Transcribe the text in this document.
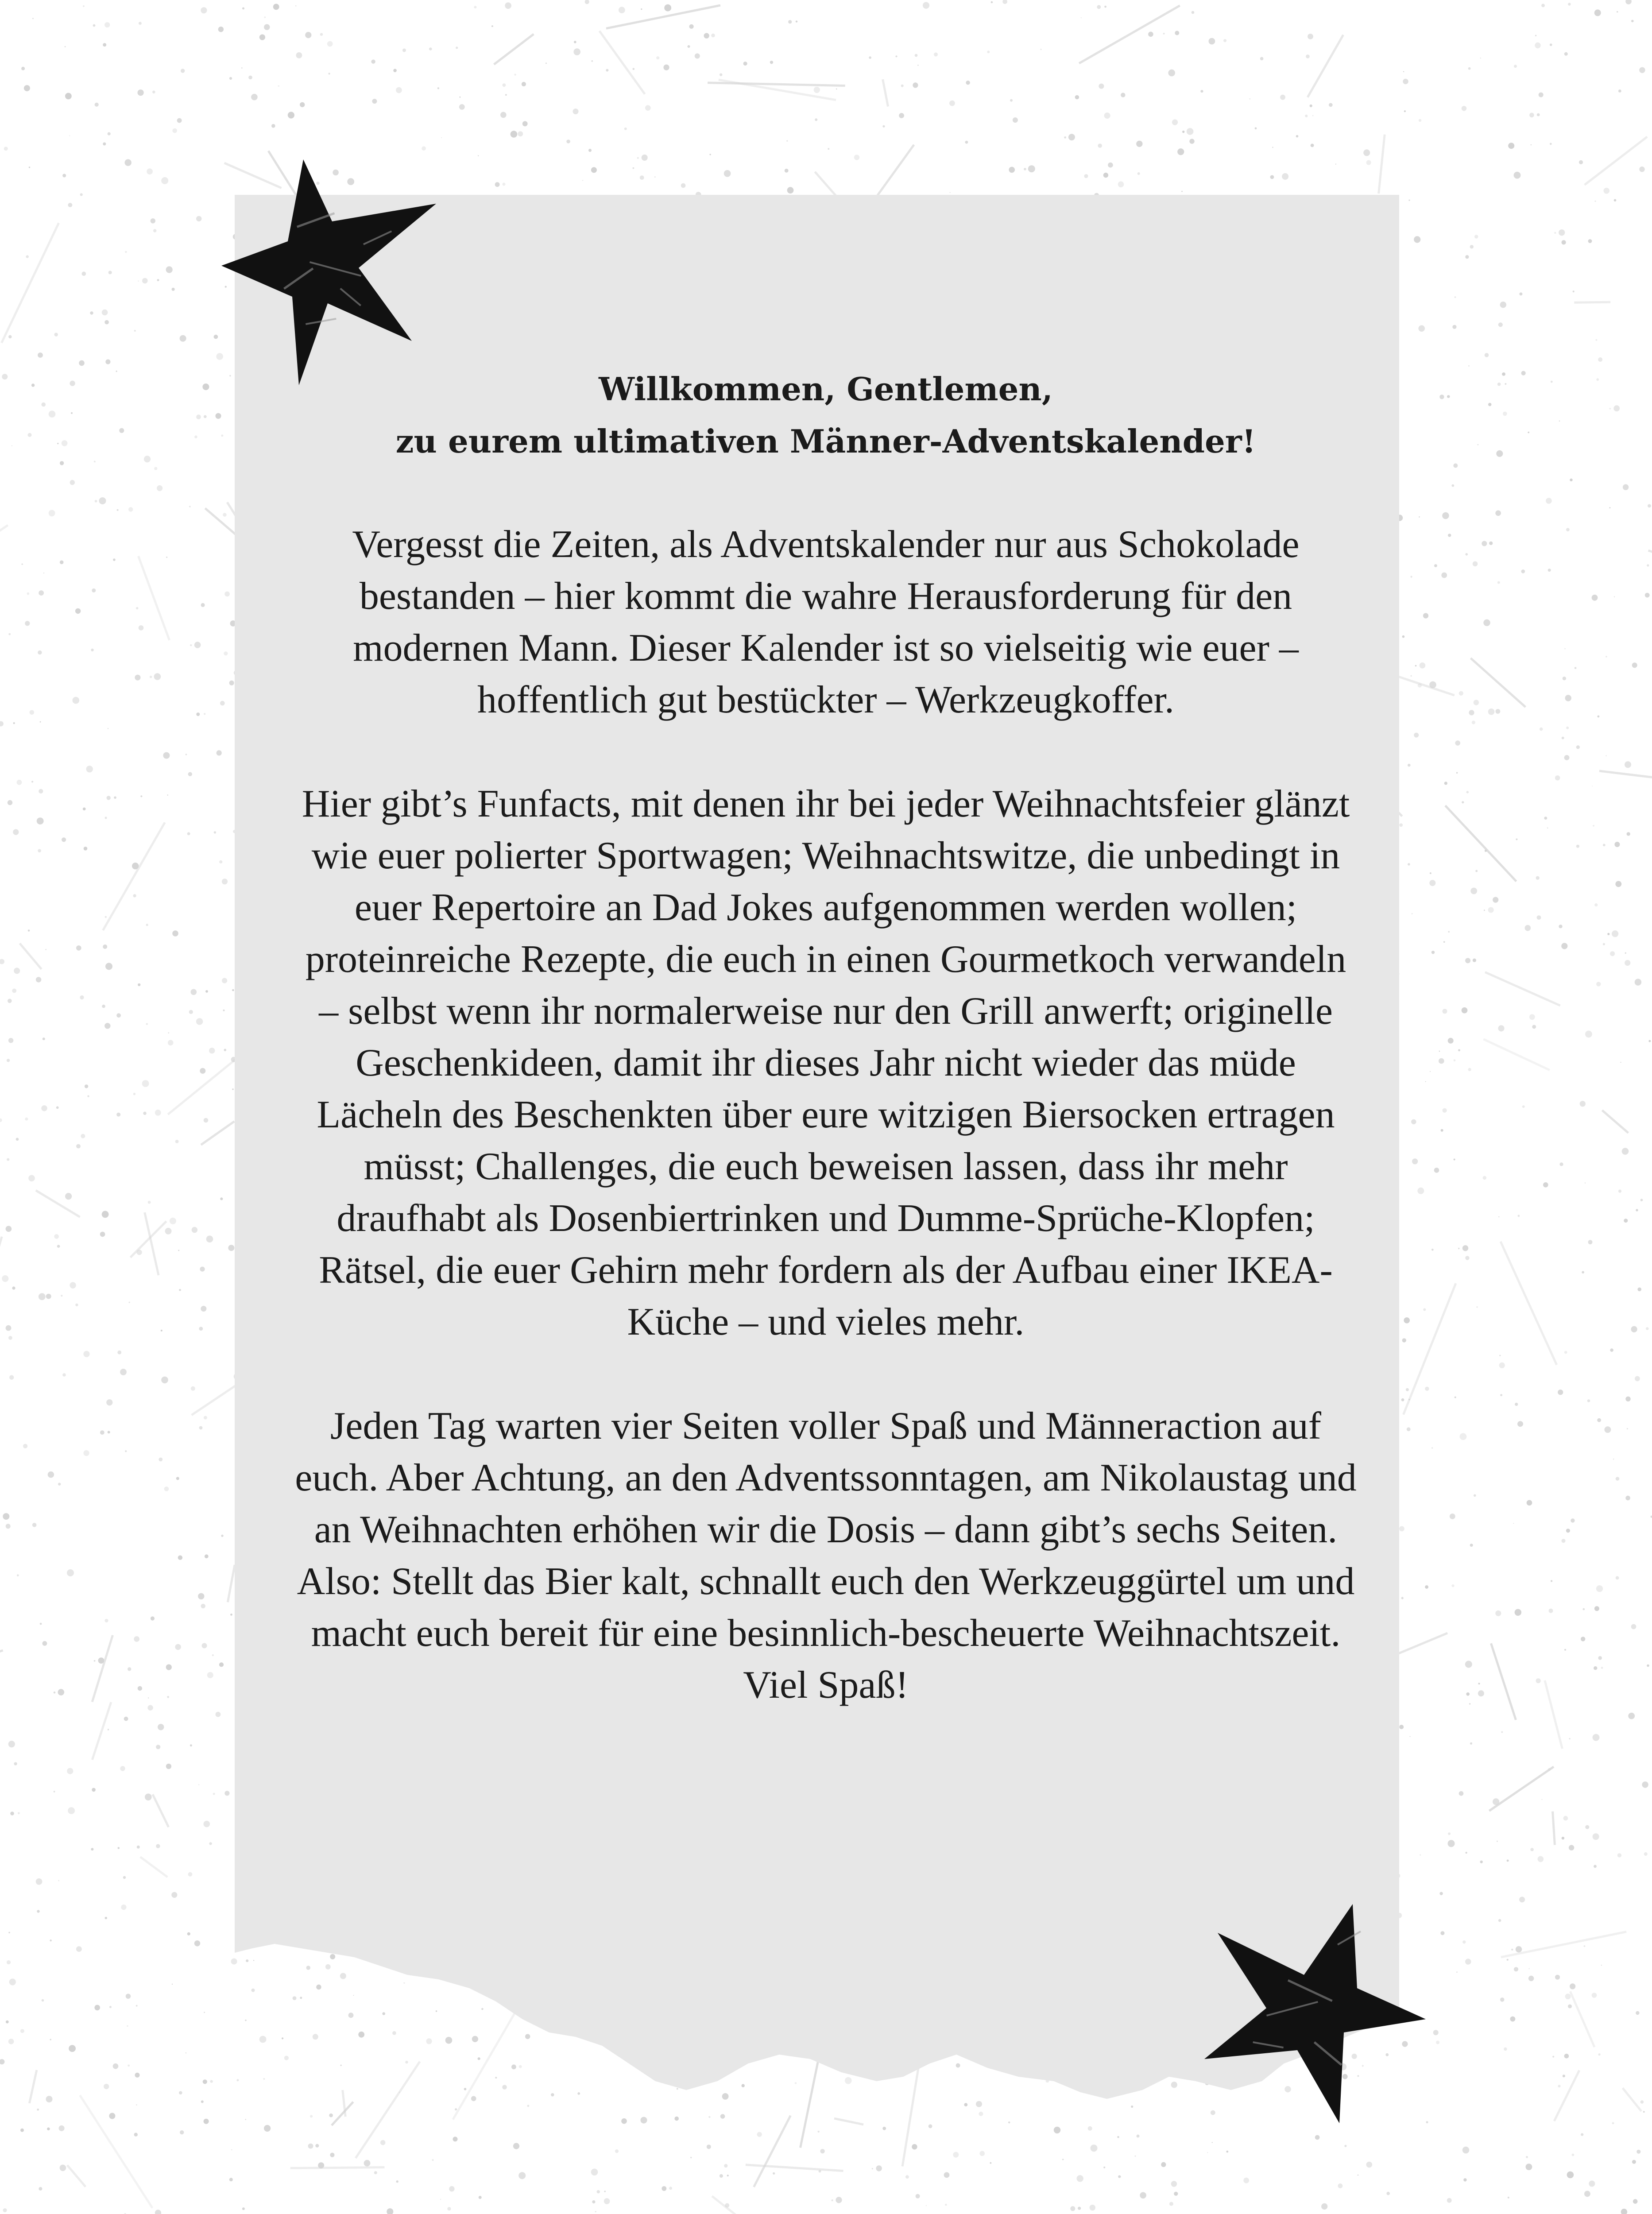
Willkommen, Gentlemen,
zu eurem ultimativen Männer-Adventskalender!

Vergesst die Zeiten, als Adventskalender nur aus Schokolade bestanden – hier kommt die wahre Herausforderung für den modernen Mann. Dieser Kalender ist so vielseitig wie euer – hoffentlich gut bestückter – Werkzeugkoffer.

Hier gibt’s Funfacts, mit denen ihr bei jeder Weihnachtsfeier glänzt wie euer polierter Sportwagen; Weihnachtswitze, die unbedingt in euer Repertoire an Dad Jokes aufgenommen werden wollen; proteinreiche Rezepte, die euch in einen Gourmetkoch verwandeln – selbst wenn ihr normalerweise nur den Grill anwerft; originelle Geschenkideen, damit ihr dieses Jahr nicht wieder das müde Lächeln des Beschenkten über eure witzigen Biersocken ertragen müsst; Challenges, die euch beweisen lassen, dass ihr mehr draufhabt als Dosenbiertrinken und Dumme-Sprüche-Klopfen; Rätsel, die euer Gehirn mehr fordern als der Aufbau einer IKEA-Küche – und vieles mehr.

Jeden Tag warten vier Seiten voller Spaß und Männeraction auf euch. Aber Achtung, an den Adventssonntagen, am Nikolaustag und an Weihnachten erhöhen wir die Dosis – dann gibt’s sechs Seiten. Also: Stellt das Bier kalt, schnallt euch den Werkzeuggürtel um und macht euch bereit für eine besinnlich-bescheuerte Weihnachtszeit. Viel Spaß!
